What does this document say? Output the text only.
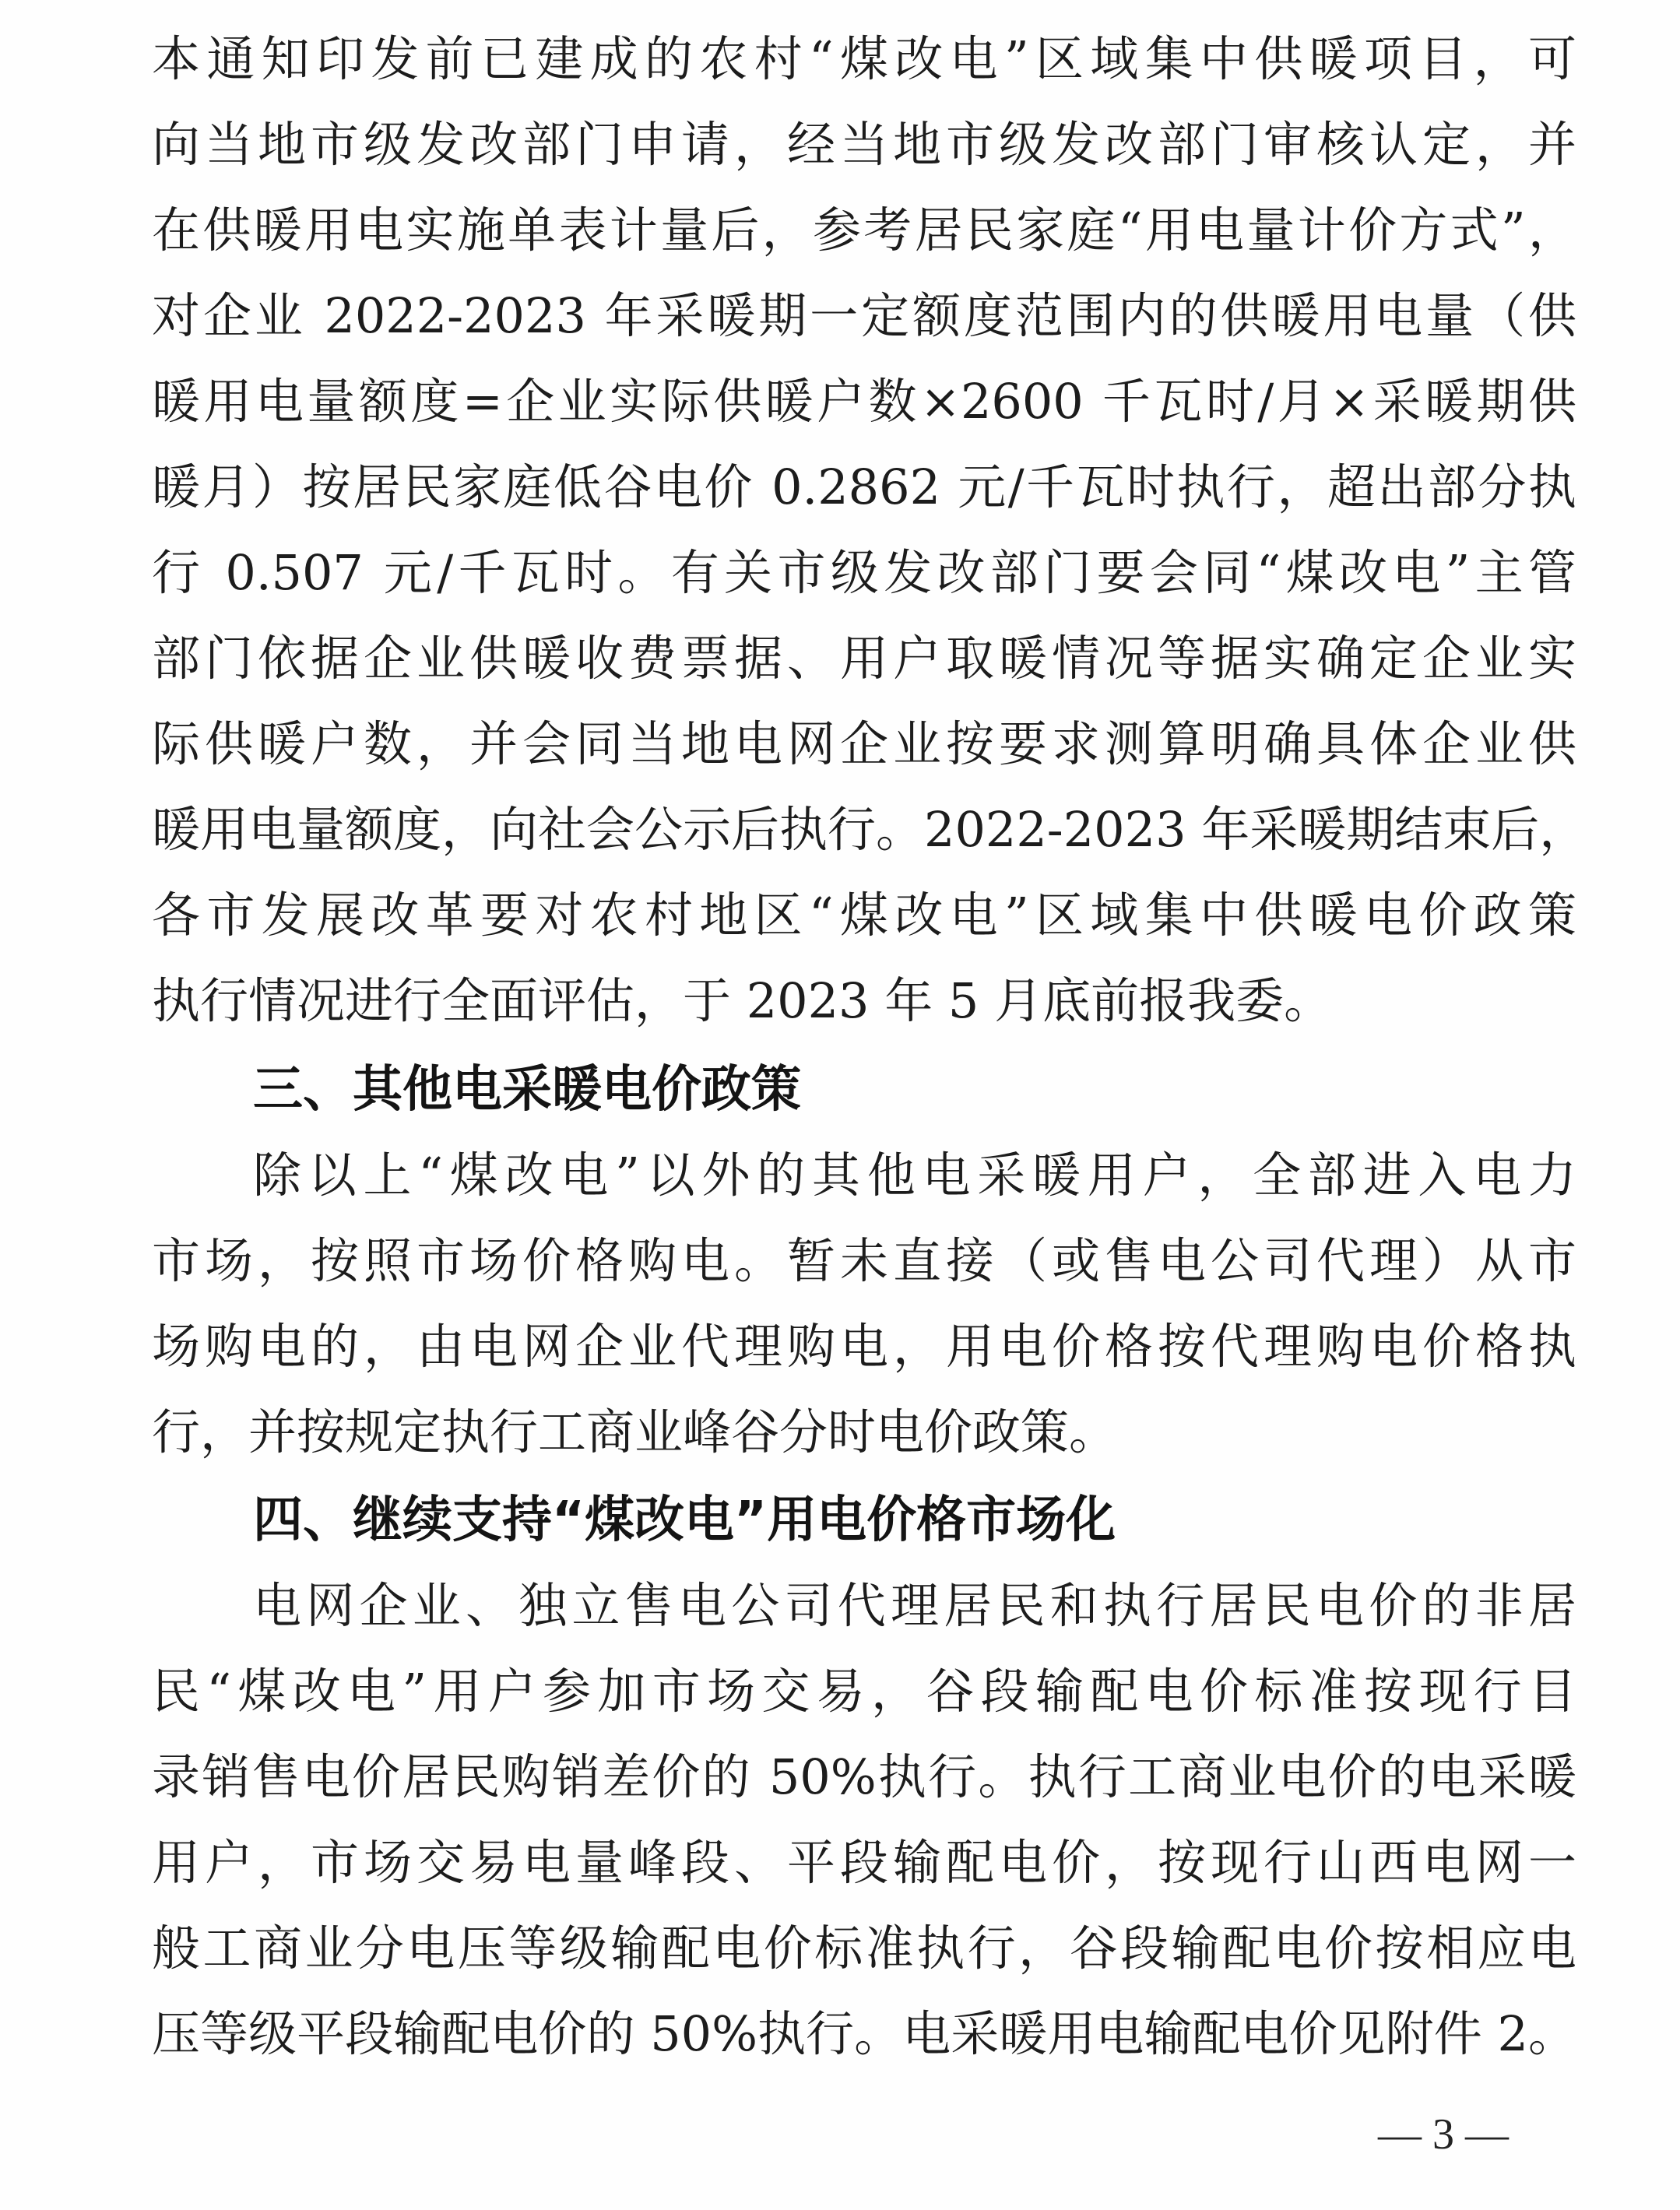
本通知印发前已建成的农村“煤改电”区域集中供暖项目，可
向当地市级发改部门申请，经当地市级发改部门审核认定，并
在供暖用电实施单表计量后，参考居民家庭“用电量计价方式”，
对企业 2022-2023 年采暖期一定额度范围内的供暖用电量（供
暖用电量额度=企业实际供暖户数×2600 千瓦时/月×采暖期供
暖月）按居民家庭低谷电价 0.2862 元/千瓦时执行，超出部分执
行 0.507 元/千瓦时。有关市级发改部门要会同“煤改电”主管
部门依据企业供暖收费票据、用户取暖情况等据实确定企业实
际供暖户数，并会同当地电网企业按要求测算明确具体企业供
暖用电量额度，向社会公示后执行。2022-2023 年采暖期结束后，
各市发展改革要对农村地区“煤改电”区域集中供暖电价政策
执行情况进行全面评估，于 2023 年 5 月底前报我委。
三、其他电采暖电价政策
除以上“煤改电”以外的其他电采暖用户，全部进入电力
市场，按照市场价格购电。暂未直接（或售电公司代理）从市
场购电的，由电网企业代理购电，用电价格按代理购电价格执
行，并按规定执行工商业峰谷分时电价政策。
四、继续支持“煤改电”用电价格市场化
电网企业、独立售电公司代理居民和执行居民电价的非居
民“煤改电”用户参加市场交易，谷段输配电价标准按现行目
录销售电价居民购销差价的 50%执行。执行工商业电价的电采暖
用户，市场交易电量峰段、平段输配电价，按现行山西电网一
般工商业分电压等级输配电价标准执行，谷段输配电价按相应电
压等级平段输配电价的 50%执行。电采暖用电输配电价见附件 2。
— 3 —
